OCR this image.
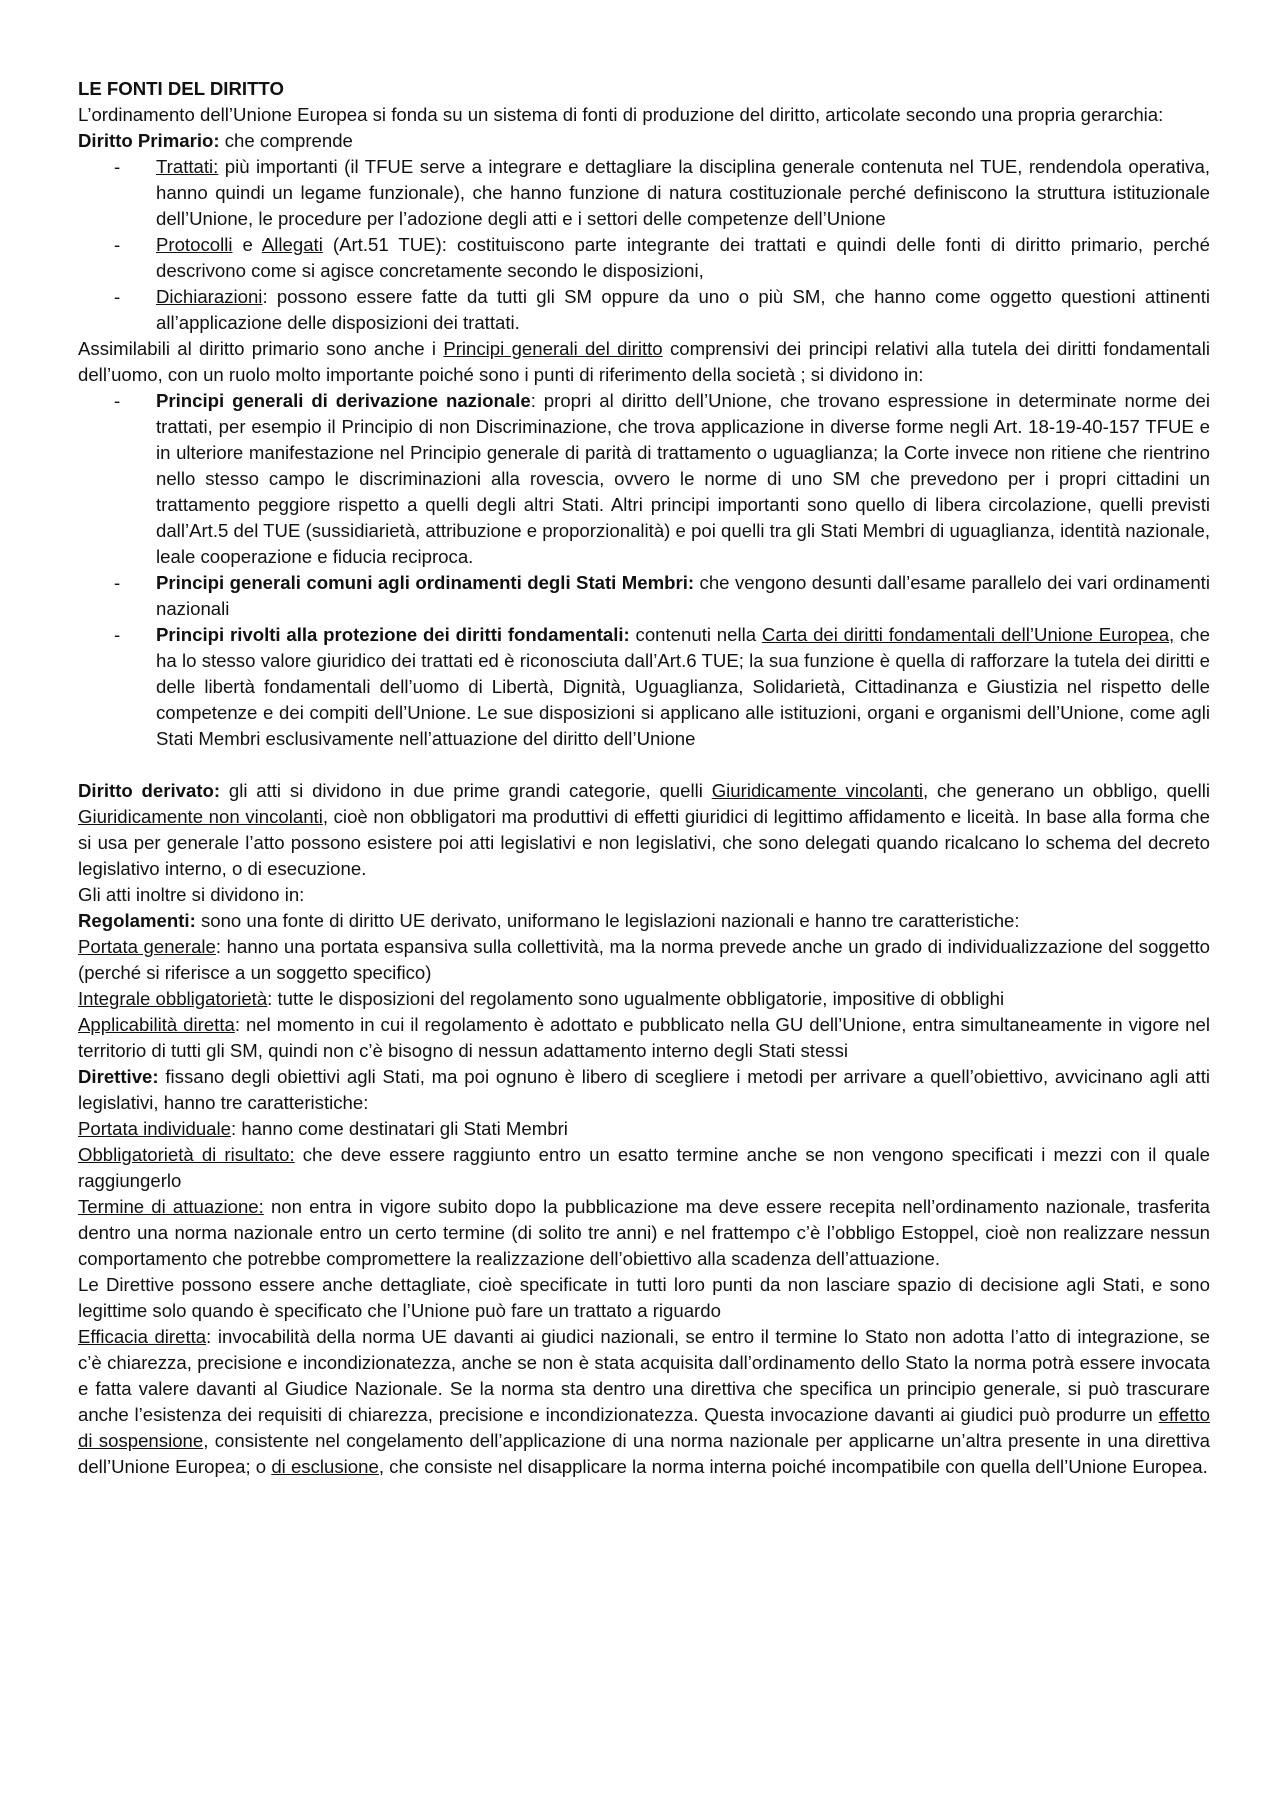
LE FONTI DEL DIRITTO

L’ordinamento dell’Unione Europea si fonda su un sistema di fonti di produzione del diritto, articolate secondo una propria gerarchia:

Diritto Primario: che comprende

- Trattati: più importanti (il TFUE serve a integrare e dettagliare la disciplina generale contenuta nel TUE, rendendola operativa, hanno quindi un legame funzionale), che hanno funzione di natura costituzionale perché definiscono la struttura istituzionale dell’Unione, le procedure per l’adozione degli atti e i settori delle competenze dell’Unione
- Protocolli e Allegati (Art.51 TUE): costituiscono parte integrante dei trattati e quindi delle fonti di diritto primario, perché descrivono come si agisce concretamente secondo le disposizioni,
- Dichiarazioni: possono essere fatte da tutti gli SM oppure da uno o più SM, che hanno come oggetto questioni attinenti all’applicazione delle disposizioni dei trattati.

Assimilabili al diritto primario sono anche i Principi generali del diritto comprensivi dei principi relativi alla tutela dei diritti fondamentali dell’uomo, con un ruolo molto importante poiché sono i punti di riferimento della società ; si dividono in:

- Principi generali di derivazione nazionale: propri al diritto dell’Unione, che trovano espressione in determinate norme dei trattati, per esempio il Principio di non Discriminazione, che trova applicazione in diverse forme negli Art. 18-19-40-157 TFUE e in ulteriore manifestazione nel Principio generale di parità di trattamento o uguaglianza; la Corte invece non ritiene che rientrino nello stesso campo le discriminazioni alla rovescia, ovvero le norme di uno SM che prevedono per i propri cittadini un trattamento peggiore rispetto a quelli degli altri Stati. Altri principi importanti sono quello di libera circolazione, quelli previsti dall’Art.5 del TUE (sussidiarietà, attribuzione e proporzionalità) e poi quelli tra gli Stati Membri di uguaglianza, identità nazionale, leale cooperazione e fiducia reciproca.
- Principi generali comuni agli ordinamenti degli Stati Membri: che vengono desunti dall’esame parallelo dei vari ordinamenti nazionali
- Principi rivolti alla protezione dei diritti fondamentali: contenuti nella Carta dei diritti fondamentali dell’Unione Europea, che ha lo stesso valore giuridico dei trattati ed è riconosciuta dall’Art.6 TUE; la sua funzione è quella di rafforzare la tutela dei diritti e delle libertà fondamentali dell’uomo di Libertà, Dignità, Uguaglianza, Solidarietà, Cittadinanza e Giustizia nel rispetto delle competenze e dei compiti dell’Unione. Le sue disposizioni si applicano alle istituzioni, organi e organismi dell’Unione, come agli Stati Membri esclusivamente nell’attuazione del diritto dell’Unione

Diritto derivato: gli atti si dividono in due prime grandi categorie, quelli Giuridicamente vincolanti, che generano un obbligo, quelli Giuridicamente non vincolanti, cioè non obbligatori ma produttivi di effetti giuridici di legittimo affidamento e liceità. In base alla forma che si usa per generale l’atto possono esistere poi atti legislativi e non legislativi, che sono delegati quando ricalcano lo schema del decreto legislativo interno, o di esecuzione.

Gli atti inoltre si dividono in:

Regolamenti: sono una fonte di diritto UE derivato, uniformano le legislazioni nazionali e hanno tre caratteristiche:

Portata generale: hanno una portata espansiva sulla collettività, ma la norma prevede anche un grado di individualizzazione del soggetto (perché si riferisce a un soggetto specifico)

Integrale obbligatorietà: tutte le disposizioni del regolamento sono ugualmente obbligatorie, impositive di obblighi

Applicabilità diretta: nel momento in cui il regolamento è adottato e pubblicato nella GU dell’Unione, entra simultaneamente in vigore nel territorio di tutti gli SM, quindi non c’è bisogno di nessun adattamento interno degli Stati stessi

Direttive: fissano degli obiettivi agli Stati, ma poi ognuno è libero di scegliere i metodi per arrivare a quell’obiettivo, avvicinano agli atti legislativi, hanno tre caratteristiche:

Portata individuale: hanno come destinatari gli Stati Membri

Obbligatorietà di risultato: che deve essere raggiunto entro un esatto termine anche se non vengono specificati i mezzi con il quale raggiungerlo

Termine di attuazione: non entra in vigore subito dopo la pubblicazione ma deve essere recepita nell’ordinamento nazionale, trasferita dentro una norma nazionale entro un certo termine (di solito tre anni) e nel frattempo c’è l’obbligo Estoppel, cioè non realizzare nessun comportamento che potrebbe compromettere la realizzazione dell’obiettivo alla scadenza dell’attuazione.

Le Direttive possono essere anche dettagliate, cioè specificate in tutti loro punti da non lasciare spazio di decisione agli Stati, e sono legittime solo quando è specificato che l’Unione può fare un trattato a riguardo

Efficacia diretta: invocabilità della norma UE davanti ai giudici nazionali, se entro il termine lo Stato non adotta l’atto di integrazione, se c’è chiarezza, precisione e incondizionatezza, anche se non è stata acquisita dall’ordinamento dello Stato la norma potrà essere invocata e fatta valere davanti al Giudice Nazionale. Se la norma sta dentro una direttiva che specifica un principio generale, si può trascurare anche l’esistenza dei requisiti di chiarezza, precisione e incondizionatezza. Questa invocazione davanti ai giudici può produrre un effetto di sospensione, consistente nel congelamento dell’applicazione di una norma nazionale per applicarne un’altra presente in una direttiva dell’Unione Europea; o di esclusione, che consiste nel disapplicare la norma interna poiché incompatibile con quella dell’Unione Europea.
